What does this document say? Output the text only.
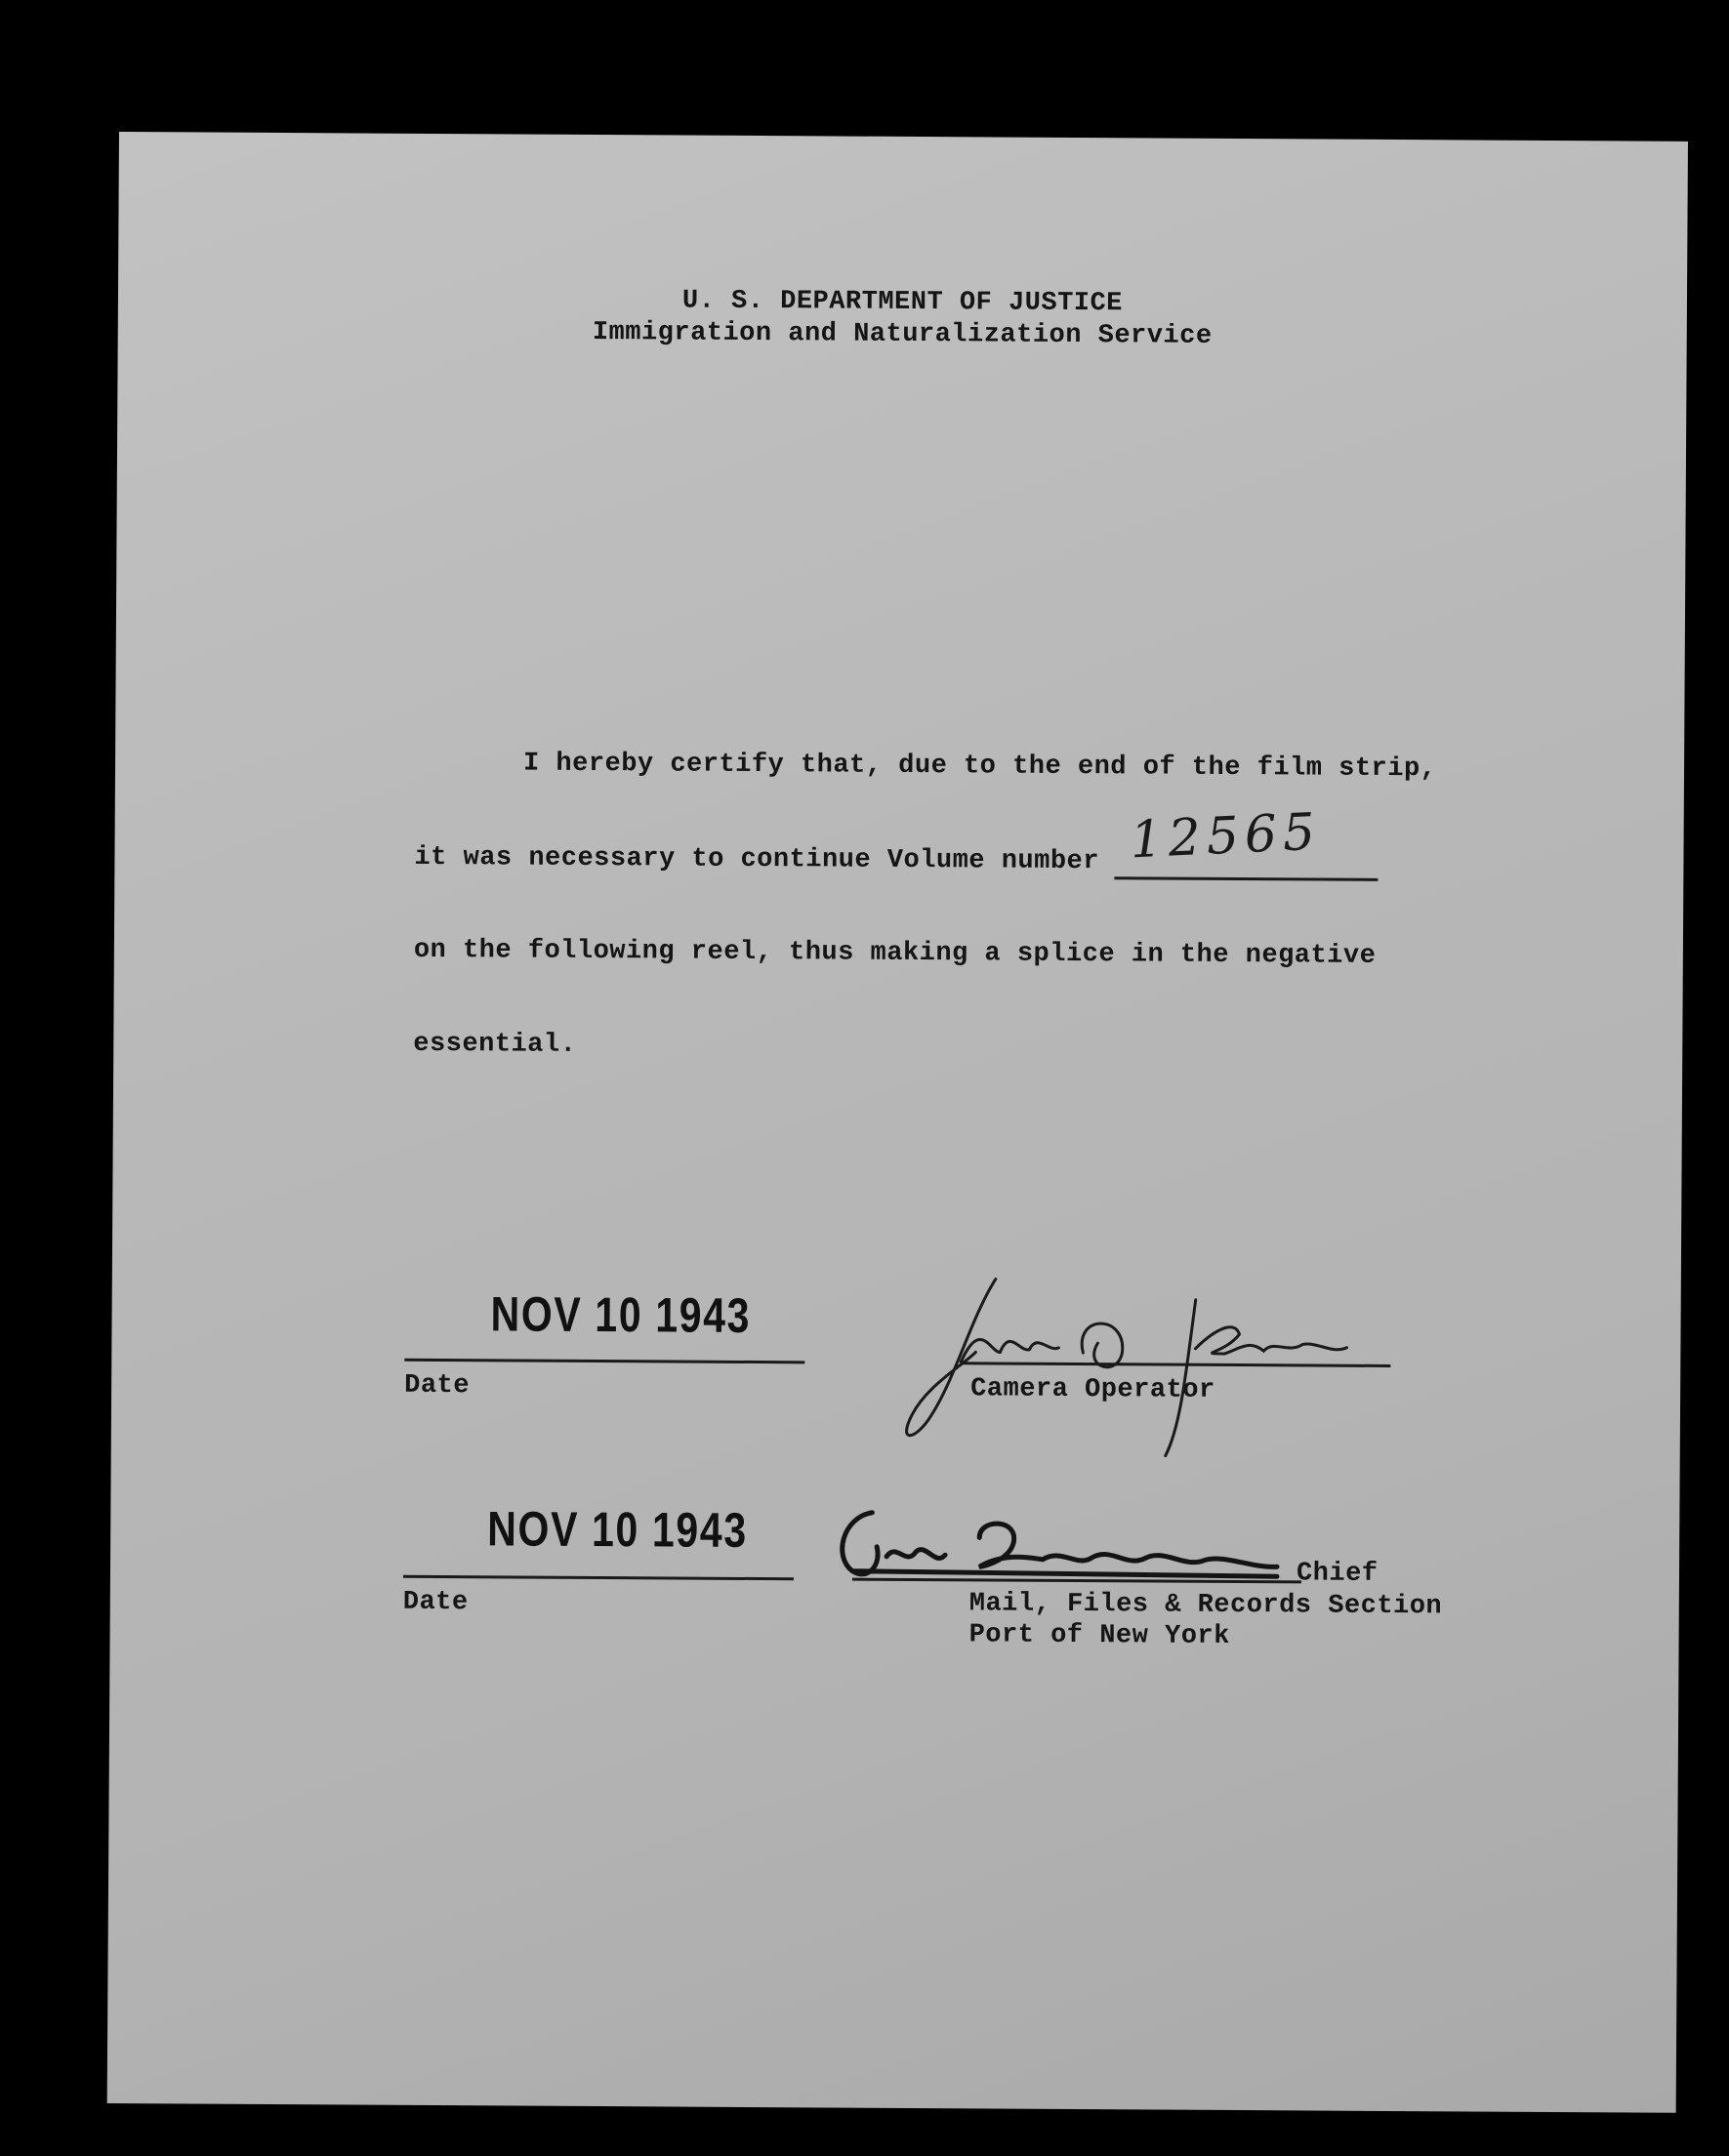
U. S. DEPARTMENT OF JUSTICE
Immigration and Naturalization Service
I hereby certify that, due to the end of the film strip,
it was necessary to continue Volume number 12565
on the following reel, thus making a splice in the negative
essential.
NOV 10 1943
Date	Camera Operator
NOV 10 1943
Date
Chief
Mail, Files & Records Section
Port of New York
